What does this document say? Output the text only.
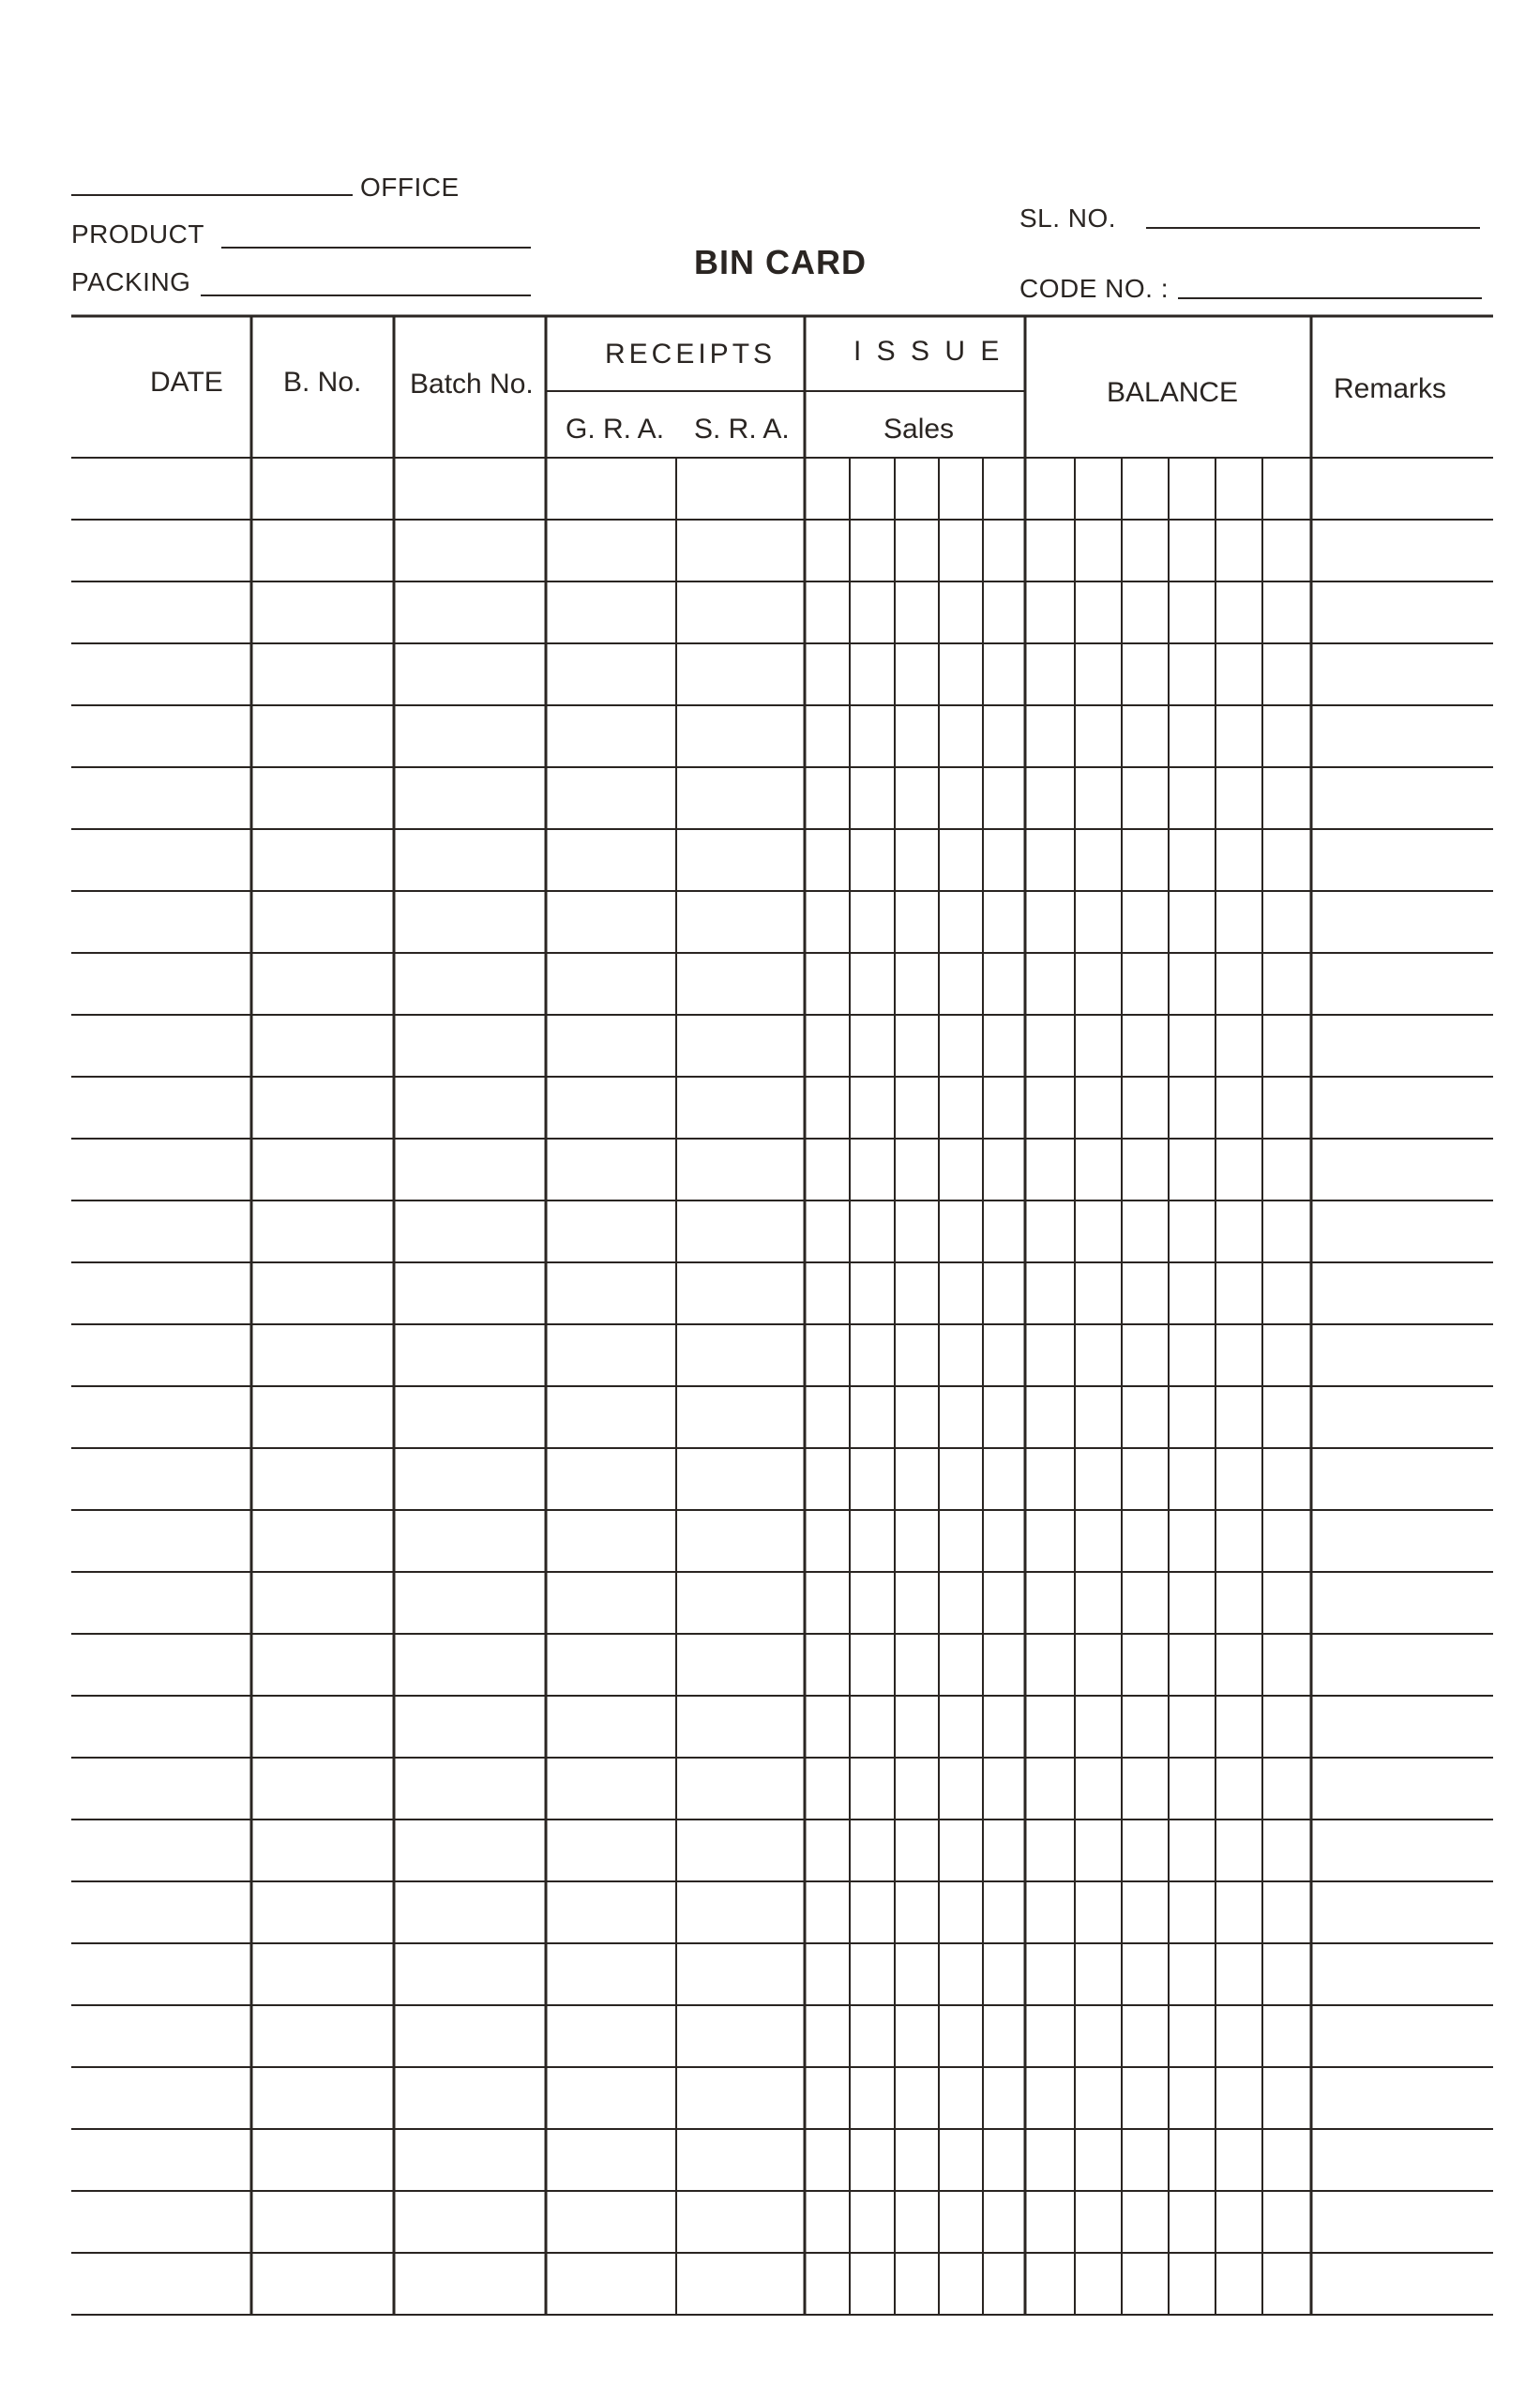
OFFICE
PRODUCT
PACKING
BIN CARD
SL. NO.
CODE NO. :
DATE B. No. Batch No.
RECEIPTS
G. R. A. S. R. A.
I S S U E
Sales
BALANCE	Remarks
